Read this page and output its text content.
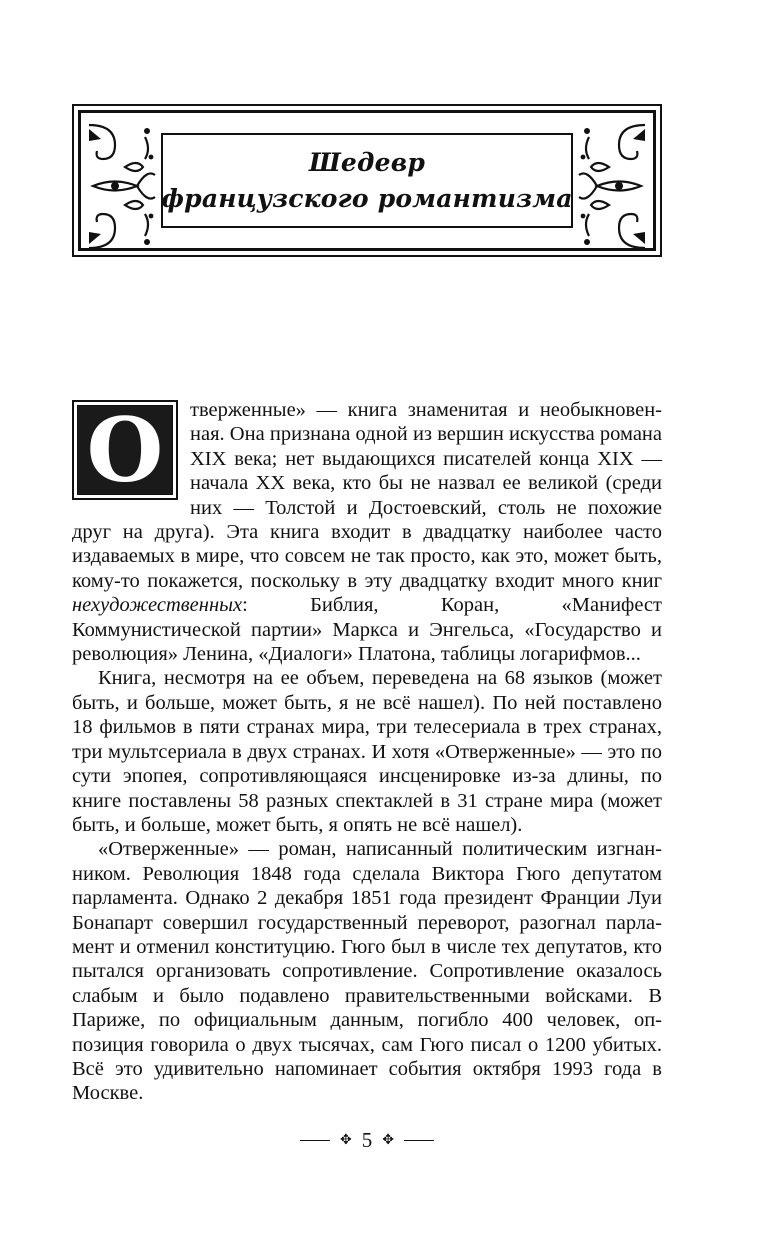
Шедевр
французского романтизма

О	тверженные» — книга знаменитая и необыкновенная. Она признана одной из вершин искусства романа XIX века; нет выдающихся писателей конца XIX — начала XX века, кто бы не назвал ее великой (среди них — Толстой и Достоевский, столь не похожие друг на друга). Эта книга входит в двадцатку наиболее часто издаваемых в мире, что совсем не так просто, как это, может быть, кому-то покажется, поскольку в эту двадцатку входит много книг нехудожественных: Библия, Коран, «Манифест Коммунистической партии» Маркса и Энгельса, «Государство и революция» Ленина, «Диалоги» Платона, таблицы логарифмов...

Книга, несмотря на ее объем, переведена на 68 языков (может быть, и больше, может быть, я не всё нашел). По ней поставлено 18 фильмов в пяти странах мира, три телесериала в трех странах, три мультсериала в двух странах. И хотя «Отверженные» — это по сути эпопея, сопротивляющаяся инсценировке из-за длины, по книге поставлены 58 разных спектаклей в 31 стране мира (может быть, и больше, может быть, я опять не всё нашел).

«Отверженные» — роман, написанный политическим изгнанником. Революция 1848 года сделала Виктора Гюго депутатом парламента. Однако 2 декабря 1851 года президент Франции Луи Бонапарт совершил государственный переворот, разогнал парламент и отменил конституцию. Гюго был в числе тех депутатов, кто пытался организовать сопротивление. Сопротивление оказалось слабым и было подавлено правительственными войсками. В Париже, по официальным данным, погибло 400 человек, оппозиция говорила о двух тысячах, сам Гюго писал о 1200 убитых. Всё это удивительно напоминает события октября 1993 года в Москве.

✥ 5 ✥
